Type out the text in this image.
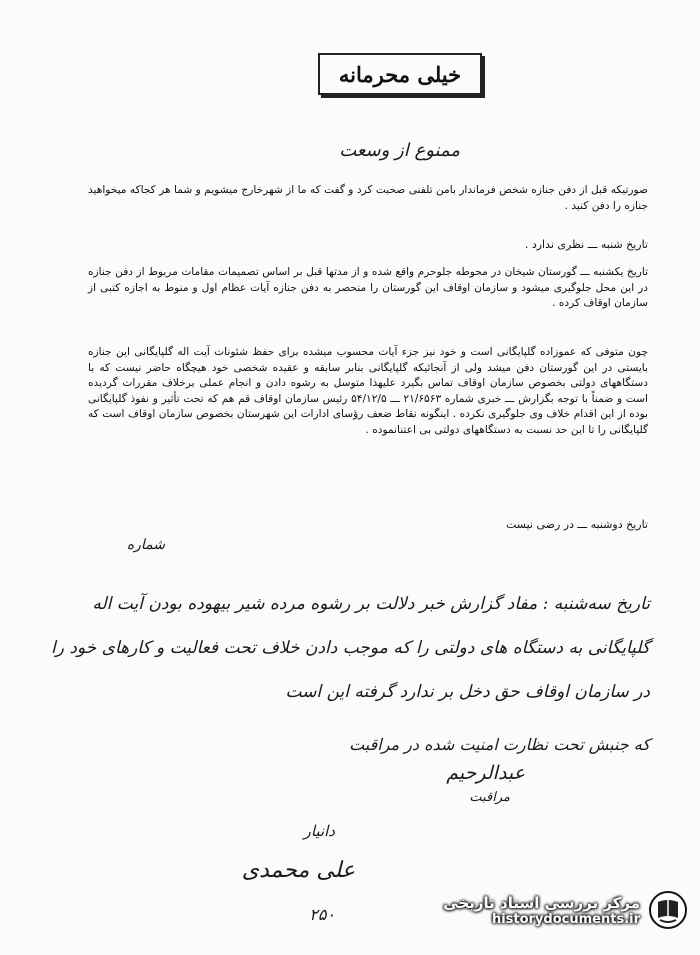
خیلی محرمانه
ممنوع از وسعت
صورتیکه قبل از دفن جنازه شخص فرماندار بامن تلفنی صحبت کرد و گفت که ما از شهرخارج میشویم و شما هر کجاکه میخواهید جنازه را دفن کنید .
تاریخ شنبه ـــ نظری ندارد .
تاریخ یکشنبه ـــ گورستان شیخان در محوطه جلوحرم واقع شده و از مدتها قبل بر اساس تصمیمات مقامات مربوط از دفن جنازه در این محل جلوگیری میشود و سازمان اوقاف این گورستان را منحصر به دفن جنازه آیات عظام اول و منوط به اجازه کتبی از سازمان اوقاف کرده .
چون متوفی که عموزاده گلپایگانی است و خود نیز جزء آیات محسوب میشده برای حفظ شئونات آیت اله گلپایگانی این جنازه بایستی در این گورستان دفن میشد ولی از آنجائیکه گلپایگانی بنابر سابقه و عقیده شخصی خود هیچگاه حاضر نیست که با دستگاههای دولتی بخصوص سازمان اوقاف تماس بگیرد علیهذا متوسل به رشوه دادن و انجام عملی برخلاف مقررات گردیده است و ضمناً با توجه بگزارش ـــ خبری شماره ۲۱/۶۵۶۳ ـــ ۵۴/۱۲/۵ رئیس سازمان اوقاف قم هم که تحت تأثیر و نفوذ گلپایگانی بوده از این اقدام خلاف وی جلوگیری نکرده . اینگونه نقاط ضعف رؤسای ادارات این شهرستان بخصوص سازمان اوقاف است که گلپایگانی را تا این حد نسبت به دستگاههای دولتی بی اعتنانموده .
شماره
تاریخ دوشنبه ـــ در رضی نیست
تاریخ سه‌شنبه : مفاد گزارش خبر دلالت بر رشوه مرده شیر بیهوده بودن آیت اله گلپایگانی به دستگاه های دولتی را که موجب دادن خلاف تحت فعالیت و کارهای خود را در سازمان اوقاف حق دخل بر ندارد گرفته این است
که جنبش تحت نظارت امنیت شده در مراقبت
عبدالرحیم
مراقبت
دانیار
علی محمدی
۲۵۰
مرکز بررسی اسناد تاریخی
historydocuments.ir
